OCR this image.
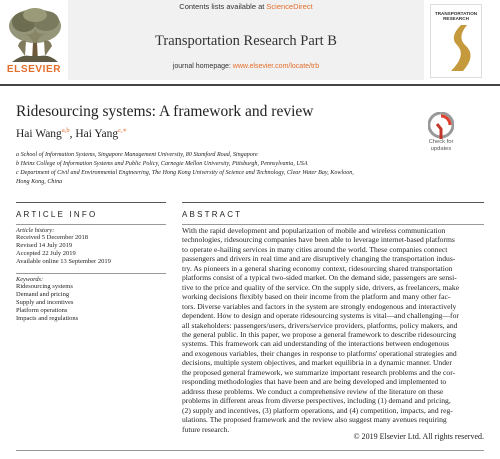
ELSEVIER
Contents lists available at ScienceDirect
Transportation Research Part B
journal homepage: www.elsevier.com/locate/trb
TRANSPORTATION
RESEARCH
Ridesourcing systems: A framework and review
Hai Wang$^{a,b}$, Hai Yang$^{c,∗}$
a School of Information Systems, Singapore Management University, 80 Stamford Road, Singapore
b Heinz College of Information Systems and Public Policy, Carnegie Mellon University, Pittsburgh, Pennsylvania, USA
c Department of Civil and Environmental Engineering, The Hong Kong University of Science and Technology, Clear Water Bay, Kowloon,
Hong Kong, China
Check for
updates
ARTICLE INFO	ABSTRACT
Article history:
Received 5 December 2018
Revised 14 July 2019
Accepted 22 July 2019
Available online 13 September 2019
Keywords:
Ridesourcing systems
Demand and pricing
Supply and incentives
Platform operations
Impacts and regulations
With the rapid development and popularization of mobile and wireless communication
technologies, ridesourcing companies have been able to leverage internet-based platforms
to operate e-hailing services in many cities around the world. These companies connect
passengers and drivers in real time and are disruptively changing the transportation indus-
try. As pioneers in a general sharing economy context, ridesourcing shared transportation
platforms consist of a typical two-sided market. On the demand side, passengers are sensi-
tive to the price and quality of the service. On the supply side, drivers, as freelancers, make
working decisions flexibly based on their income from the platform and many other fac-
tors. Diverse variables and factors in the system are strongly endogenous and interactively
dependent. How to design and operate ridesourcing systems is vital—and challenging—for
all stakeholders: passengers/users, drivers/service providers, platforms, policy makers, and
the general public. In this paper, we propose a general framework to describe ridesourcing
systems. This framework can aid understanding of the interactions between endogenous
and exogenous variables, their changes in response to platforms' operational strategies and
decisions, multiple system objectives, and market equilibria in a dynamic manner. Under
the proposed general framework, we summarize important research problems and the cor-
responding methodologies that have been and are being developed and implemented to
address these problems. We conduct a comprehensive review of the literature on these
problems in different areas from diverse perspectives, including (1) demand and pricing,
(2) supply and incentives, (3) platform operations, and (4) competition, impacts, and reg-
ulations. The proposed framework and the review also suggest many avenues requiring
future research.
© 2019 Elsevier Ltd. All rights reserved.
